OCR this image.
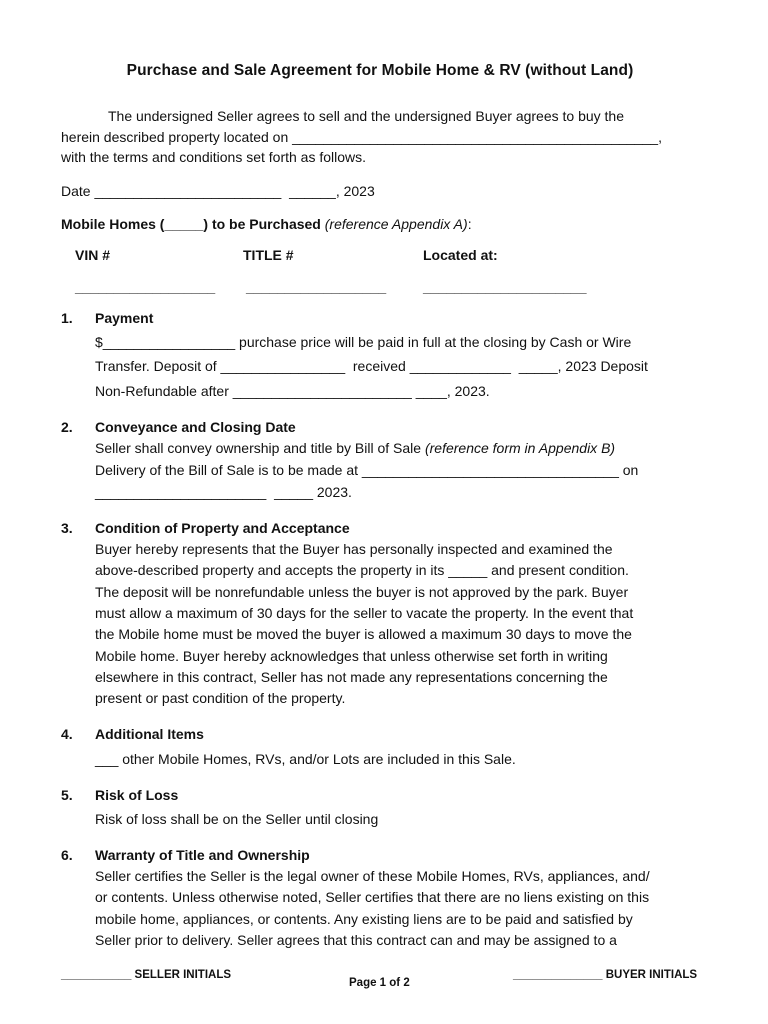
Purchase and Sale Agreement for Mobile Home & RV (without Land)
The undersigned Seller agrees to sell and the undersigned Buyer agrees to buy the
herein described property located on _______________________________________________,
with the terms and conditions set forth as follows.
Date ________________________  ______, 2023
Mobile Homes (_____) to be Purchased (reference Appendix A):
VIN #	TITLE #	Located at:
__________________ __________________	_____________________
1. Payment
$_________________ purchase price will be paid in full at the closing by Cash or Wire
Transfer. Deposit of ________________  received _____________  _____, 2023 Deposit
Non-Refundable after _______________________ ____, 2023.
2. Conveyance and Closing Date
Seller shall convey ownership and title by Bill of Sale (reference form in Appendix B)
Delivery of the Bill of Sale is to be made at _________________________________ on
______________________  _____ 2023.
3. Condition of Property and Acceptance
Buyer hereby represents that the Buyer has personally inspected and examined the
above-described property and accepts the property in its _____ and present condition.
The deposit will be nonrefundable unless the buyer is not approved by the park. Buyer
must allow a maximum of 30 days for the seller to vacate the property. In the event that
the Mobile home must be moved the buyer is allowed a maximum 30 days to move the
Mobile home. Buyer hereby acknowledges that unless otherwise set forth in writing
elsewhere in this contract, Seller has not made any representations concerning the
present or past condition of the property.
4. Additional Items
___ other Mobile Homes, RVs, and/or Lots are included in this Sale.
5. Risk of Loss
Risk of loss shall be on the Seller until closing
6. Warranty of Title and Ownership
Seller certifies the Seller is the legal owner of these Mobile Homes, RVs, appliances, and/
or contents. Unless otherwise noted, Seller certifies that there are no liens existing on this
mobile home, appliances, or contents. Any existing liens are to be paid and satisfied by
Seller prior to delivery. Seller agrees that this contract can and may be assigned to a
___________ SELLER INITIALS
Page 1 of 2
______________ BUYER INITIALS
